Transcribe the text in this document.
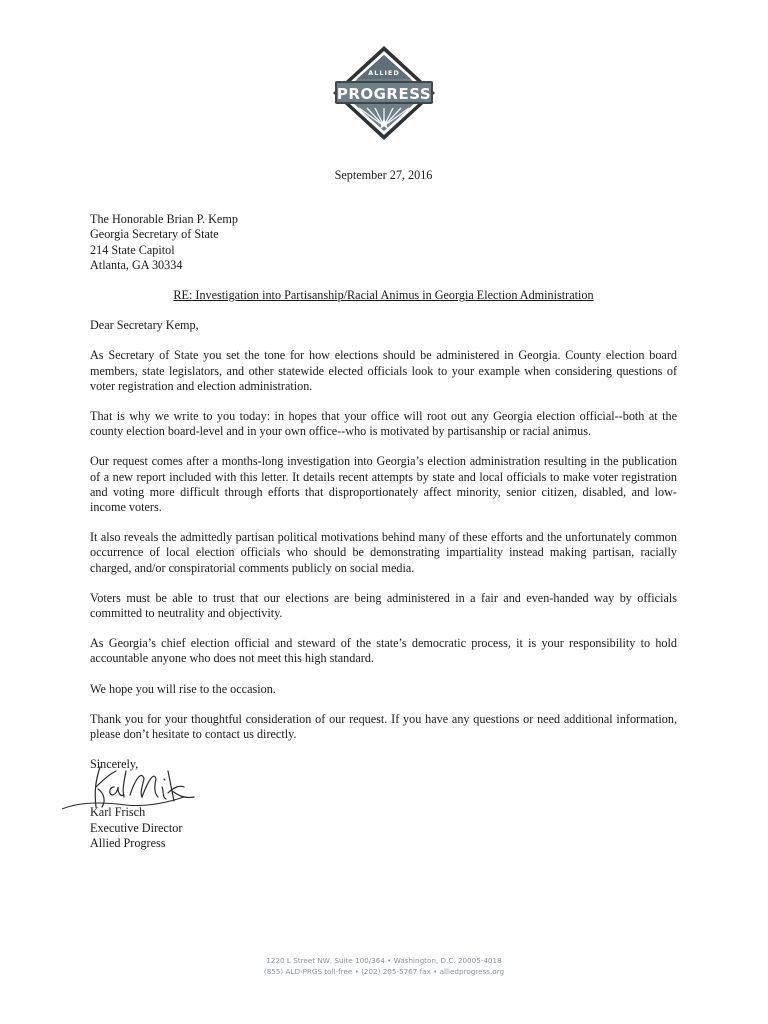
ALLIED
PROGRESS
September 27, 2016
The Honorable Brian P. Kemp
Georgia Secretary of State
214 State Capitol
Atlanta, GA 30334
RE: Investigation into Partisanship/Racial Animus in Georgia Election Administration
Dear Secretary Kemp,

As Secretary of State you set the tone for how elections should be administered in Georgia. County election board members, state legislators, and other statewide elected officials look to your example when considering questions of voter registration and election administration.

That is why we write to you today: in hopes that your office will root out any Georgia election official--both at the county election board-level and in your own office--who is motivated by partisanship or racial animus.

Our request comes after a months-long investigation into Georgia’s election administration resulting in the publication of a new report included with this letter. It details recent attempts by state and local officials to make voter registration and voting more difficult through efforts that disproportionately affect minority, senior citizen, disabled, and low-income voters.

It also reveals the admittedly partisan political motivations behind many of these efforts and the unfortunately common occurrence of local election officials who should be demonstrating impartiality instead making partisan, racially charged, and/or conspiratorial comments publicly on social media.

Voters must be able to trust that our elections are being administered in a fair and even-handed way by officials committed to neutrality and objectivity.

As Georgia’s chief election official and steward of the state’s democratic process, it is your responsibility to hold accountable anyone who does not meet this high standard.

We hope you will rise to the occasion.

Thank you for your thoughtful consideration of our request. If you have any questions or need additional information, please don’t hesitate to contact us directly.

Sincerely,
Karl Frisch
Executive Director
Allied Progress
1220 L Street NW, Suite 100/364 • Washington, D.C. 20005-4018
(855) ALD-PRGS toll-free • (202) 205-5767 fax • alliedprogress.org
